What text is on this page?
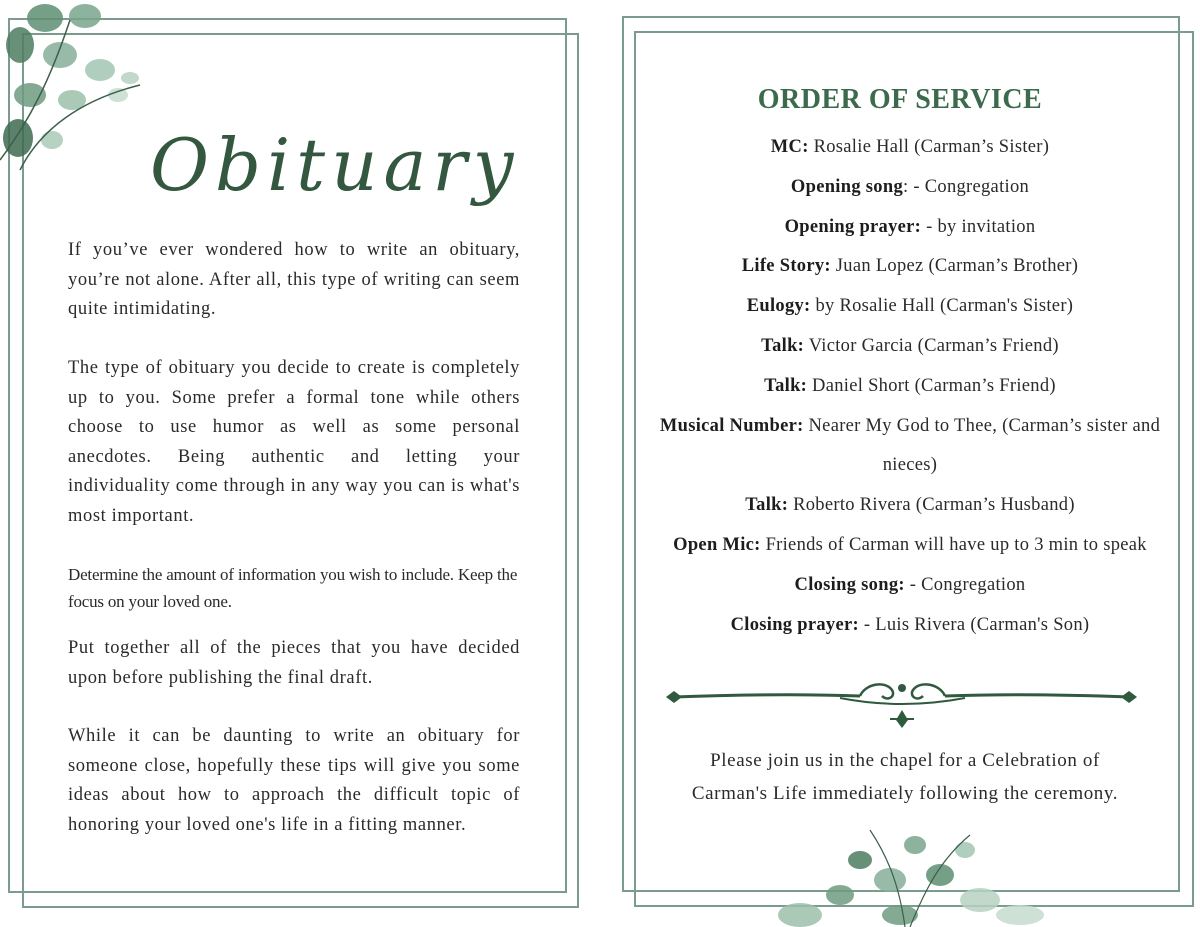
Obituary

If you’ve ever wondered how to write an obituary, you’re not alone. After all, this type of writing can seem quite intimidating.

The type of obituary you decide to create is completely up to you. Some prefer a formal tone while others choose to use humor as well as some personal anecdotes. Being authentic and letting your individuality come through in any way you can is what's most important.

Determine the amount of information you wish to include. Keep the focus on your loved one.

Put together all of the pieces that you have decided upon before publishing the final draft.

While it can be daunting to write an obituary for someone close, hopefully these tips will give you some ideas about how to approach the difficult topic of honoring your loved one's life in a fitting manner.

ORDER OF SERVICE
MC: Rosalie Hall (Carman’s Sister)
Opening song: - Congregation
Opening prayer: - by invitation
Life Story: Juan Lopez (Carman’s Brother)
Eulogy: by Rosalie Hall (Carman's Sister)
Talk: Victor Garcia (Carman’s Friend)
Talk: Daniel Short (Carman’s Friend)
Musical Number: Nearer My God to Thee, (Carman’s sister and nieces)
Talk: Roberto Rivera (Carman’s Husband)
Open Mic: Friends of Carman will have up to 3 min to speak
Closing song: - Congregation
Closing prayer: - Luis Rivera (Carman's Son)
Please join us in the chapel for a Celebration of
Carman's Life immediately following the ceremony.
